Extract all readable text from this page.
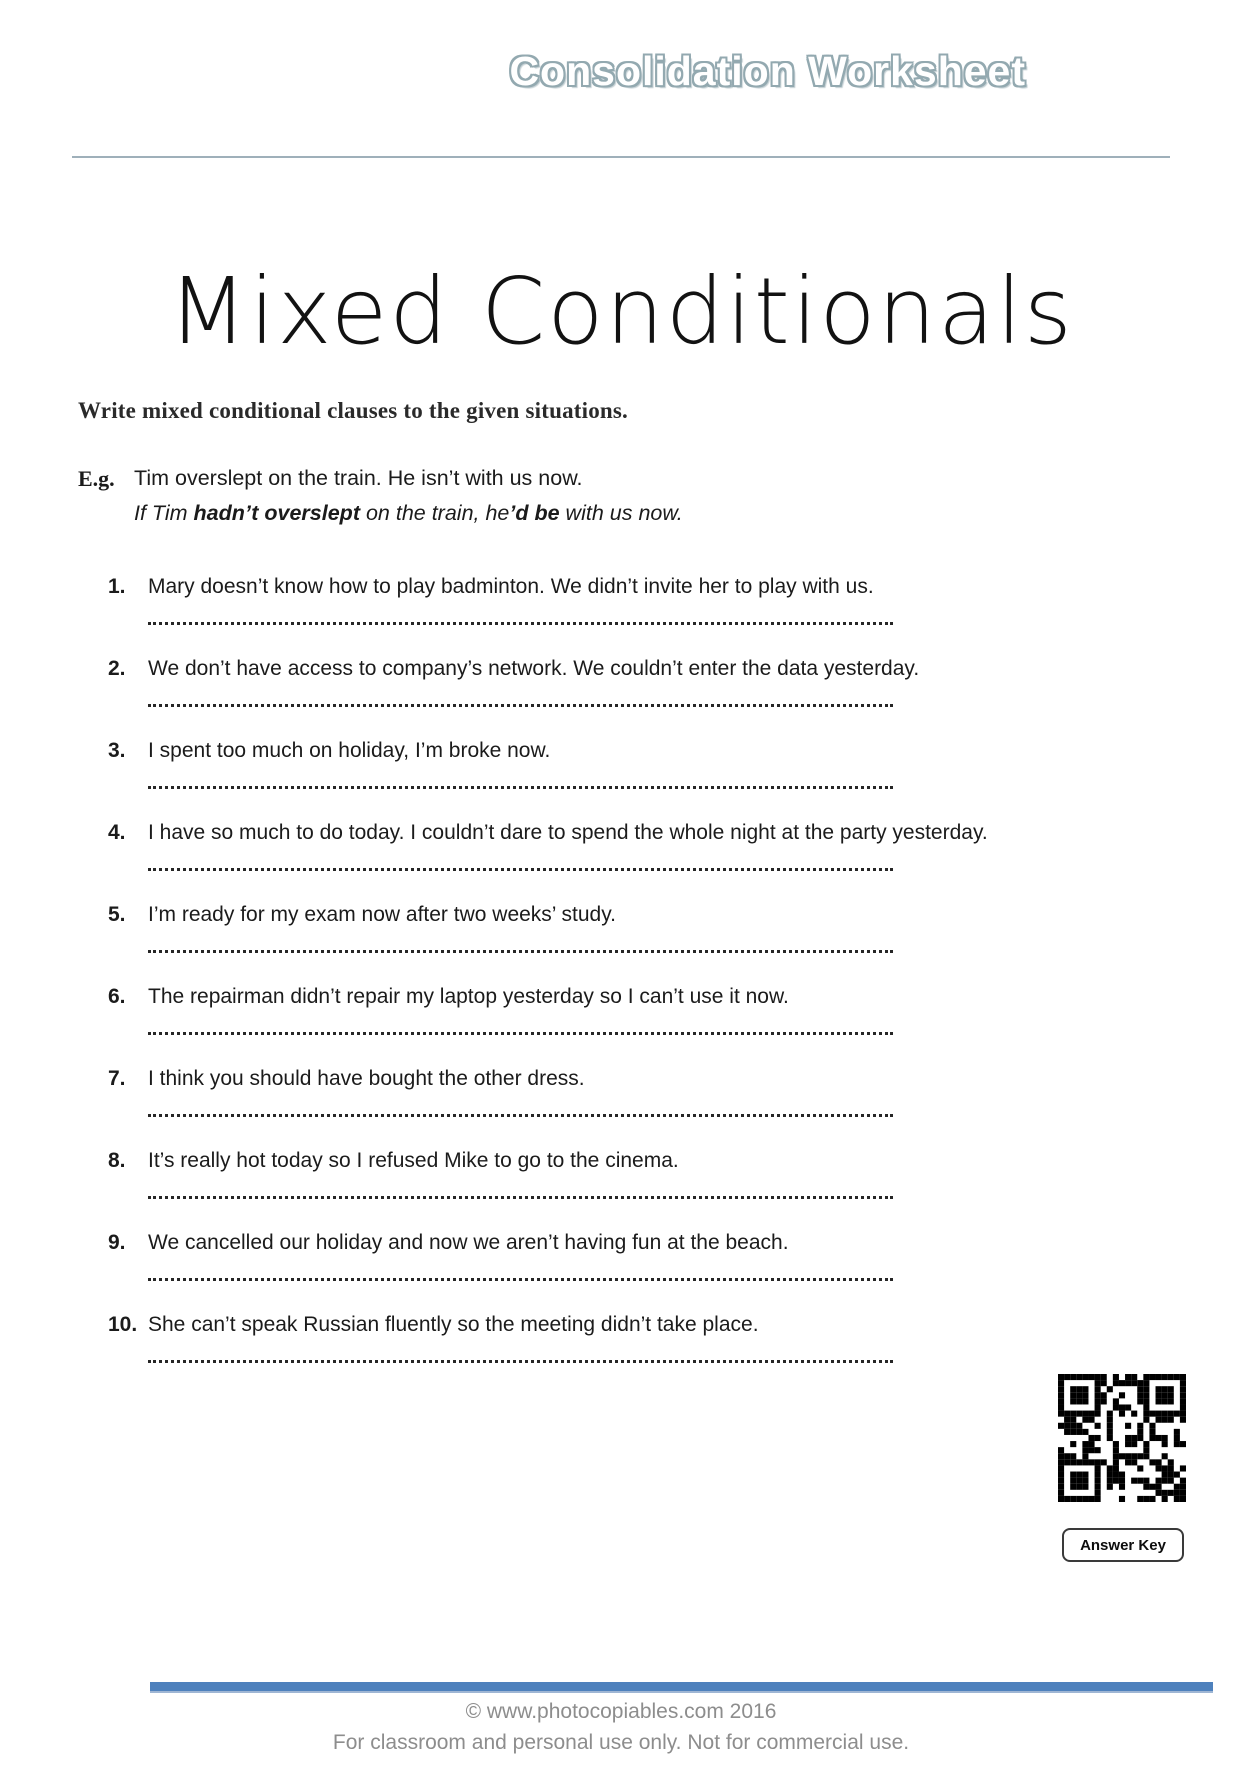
Consolidation Worksheet
Mixed Conditionals
Write mixed conditional clauses to the given situations.
E.g. Tim overslept on the train. He isn’t with us now.
If Tim hadn’t overslept on the train, he’d be with us now.
1.	Mary doesn’t know how to play badminton. We didn’t invite her to play with us.
2.	We don’t have access to company’s network. We couldn’t enter the data yesterday.
3.	I spent too much on holiday, I’m broke now.
4.	I have so much to do today. I couldn’t dare to spend the whole night at the party yesterday.
5.	I’m ready for my exam now after two weeks’ study.
6.	The repairman didn’t repair my laptop yesterday so I can’t use it now.
7.	I think you should have bought the other dress.
8.	It’s really hot today so I refused Mike to go to the cinema.
9.	We cancelled our holiday and now we aren’t having fun at the beach.
10. She can’t speak Russian fluently so the meeting didn’t take place.
Answer Key
© www.photocopiables.com 2016
For classroom and personal use only. Not for commercial use.
